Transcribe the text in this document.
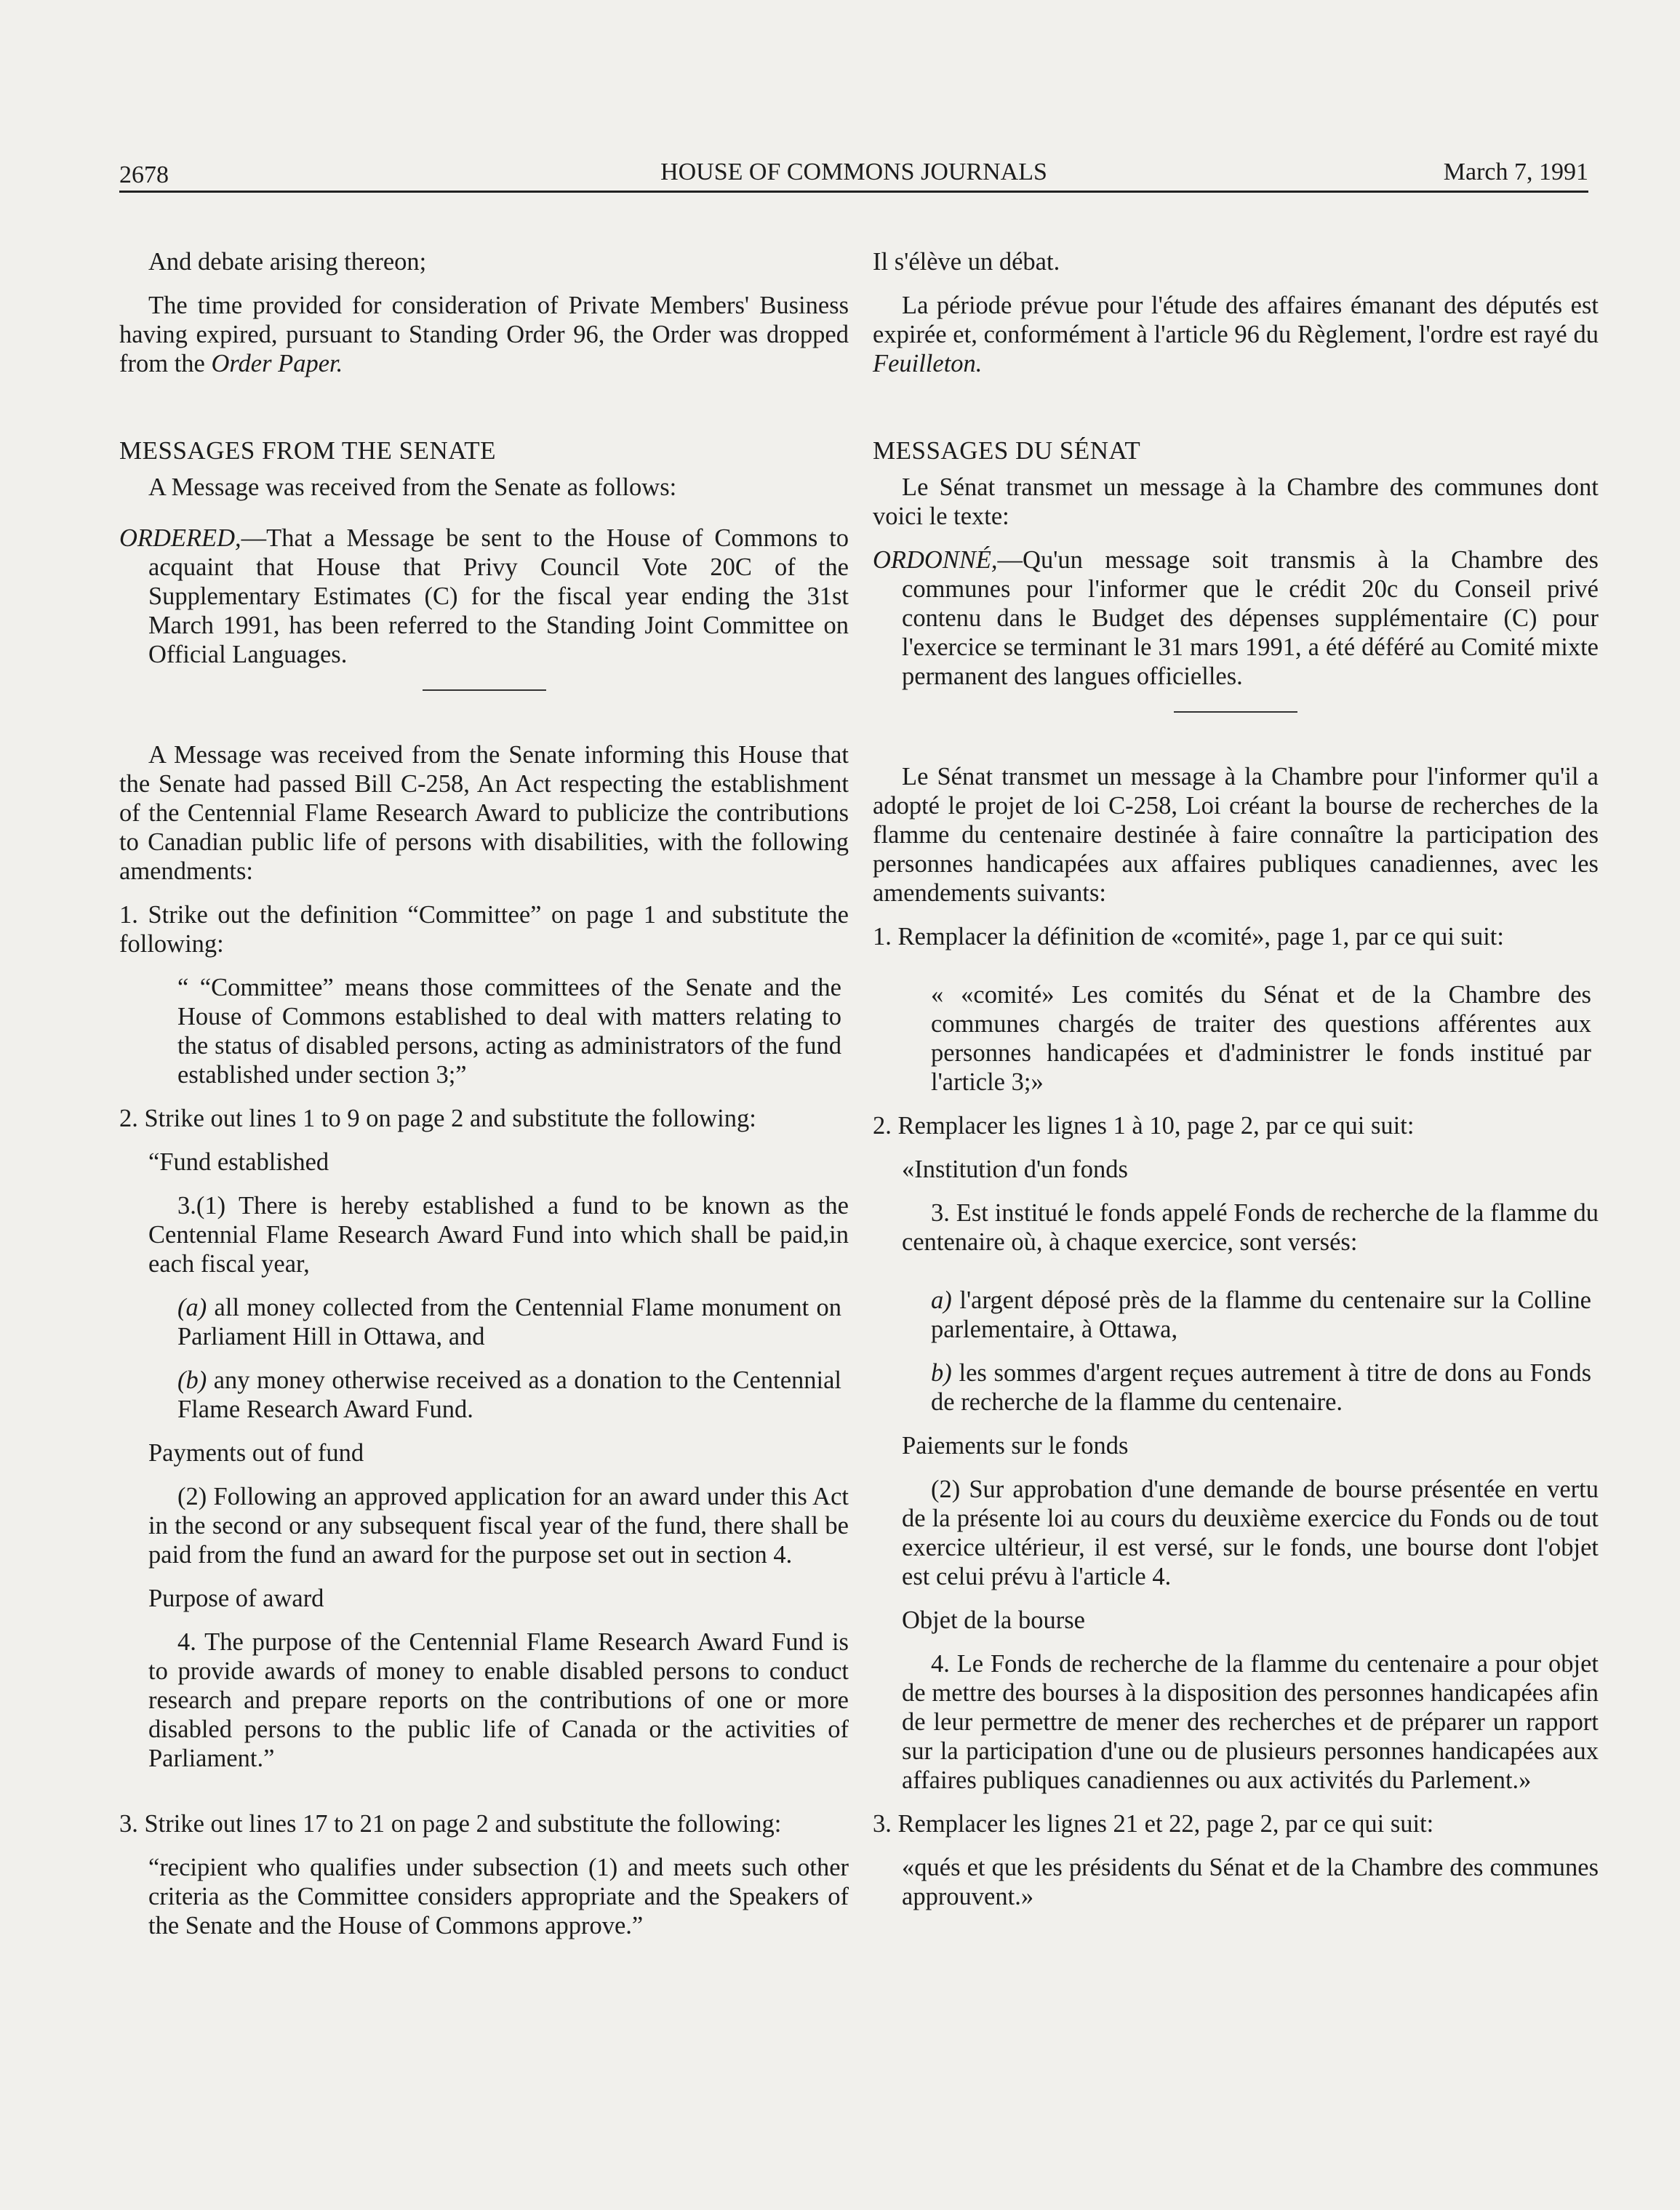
2678	HOUSE OF COMMONS JOURNALS	March 7, 1991

And debate arising thereon;

The time provided for consideration of Private Members' Business having expired, pursuant to Standing Order 96, the Order was dropped from the Order Paper.

MESSAGES FROM THE SENATE

A Message was received from the Senate as follows:

ORDERED,—That a Message be sent to the House of Commons to acquaint that House that Privy Council Vote 20C of the Supplementary Estimates (C) for the fiscal year ending the 31st March 1991, has been referred to the Standing Joint Committee on Official Languages.

A Message was received from the Senate informing this House that the Senate had passed Bill C-258, An Act respecting the establishment of the Centennial Flame Research Award to publicize the contributions to Canadian public life of persons with disabilities, with the following amendments:

1. Strike out the definition “Committee” on page 1 and substitute the following:

“ “Committee” means those committees of the Senate and the House of Commons established to deal with matters relating to the status of disabled persons, acting as administrators of the fund established under section 3;”

2. Strike out lines 1 to 9 on page 2 and substitute the following:

“Fund established

3.(1) There is hereby established a fund to be known as the Centennial Flame Research Award Fund into which shall be paid,in each fiscal year,

(a) all money collected from the Centennial Flame monument on Parliament Hill in Ottawa, and

(b) any money otherwise received as a donation to the Centennial Flame Research Award Fund.

Payments out of fund

(2) Following an approved application for an award under this Act in the second or any subsequent fiscal year of the fund, there shall be paid from the fund an award for the purpose set out in section 4.

Purpose of award

4. The purpose of the Centennial Flame Research Award Fund is to provide awards of money to enable disabled persons to conduct research and prepare reports on the contributions of one or more disabled persons to the public life of Canada or the activities of Parliament.”

3. Strike out lines 17 to 21 on page 2 and substitute the following:

“recipient who qualifies under subsection (1) and meets such other criteria as the Committee considers appropriate and the Speakers of the Senate and the House of Commons approve.”

Il s'élève un débat.

La période prévue pour l'étude des affaires émanant des députés est expirée et, conformément à l'article 96 du Règlement, l'ordre est rayé du Feuilleton.

MESSAGES DU SÉNAT

Le Sénat transmet un message à la Chambre des communes dont voici le texte:

ORDONNÉ,—Qu'un message soit transmis à la Chambre des communes pour l'informer que le crédit 20c du Conseil privé contenu dans le Budget des dépenses supplémentaire (C) pour l'exercice se terminant le 31 mars 1991, a été déféré au Comité mixte permanent des langues officielles.

Le Sénat transmet un message à la Chambre pour l'informer qu'il a adopté le projet de loi C-258, Loi créant la bourse de recherches de la flamme du centenaire destinée à faire connaître la participation des personnes handicapées aux affaires publiques canadiennes, avec les amendements suivants:

1. Remplacer la définition de «comité», page 1, par ce qui suit:

« «comité» Les comités du Sénat et de la Chambre des communes chargés de traiter des questions afférentes aux personnes handicapées et d'administrer le fonds institué par l'article 3;»

2. Remplacer les lignes 1 à 10, page 2, par ce qui suit:

«Institution d'un fonds

3. Est institué le fonds appelé Fonds de recherche de la flamme du centenaire où, à chaque exercice, sont versés:

a) l'argent déposé près de la flamme du centenaire sur la Colline parlementaire, à Ottawa,

b) les sommes d'argent reçues autrement à titre de dons au Fonds de recherche de la flamme du centenaire.

Paiements sur le fonds

(2) Sur approbation d'une demande de bourse présentée en vertu de la présente loi au cours du deuxième exercice du Fonds ou de tout exercice ultérieur, il est versé, sur le fonds, une bourse dont l'objet est celui prévu à l'article 4.

Objet de la bourse

4. Le Fonds de recherche de la flamme du centenaire a pour objet de mettre des bourses à la disposition des personnes handicapées afin de leur permettre de mener des recherches et de préparer un rapport sur la participation d'une ou de plusieurs personnes handicapées aux affaires publiques canadiennes ou aux activités du Parlement.»

3. Remplacer les lignes 21 et 22, page 2, par ce qui suit:

«qués et que les présidents du Sénat et de la Chambre des communes approuvent.»
